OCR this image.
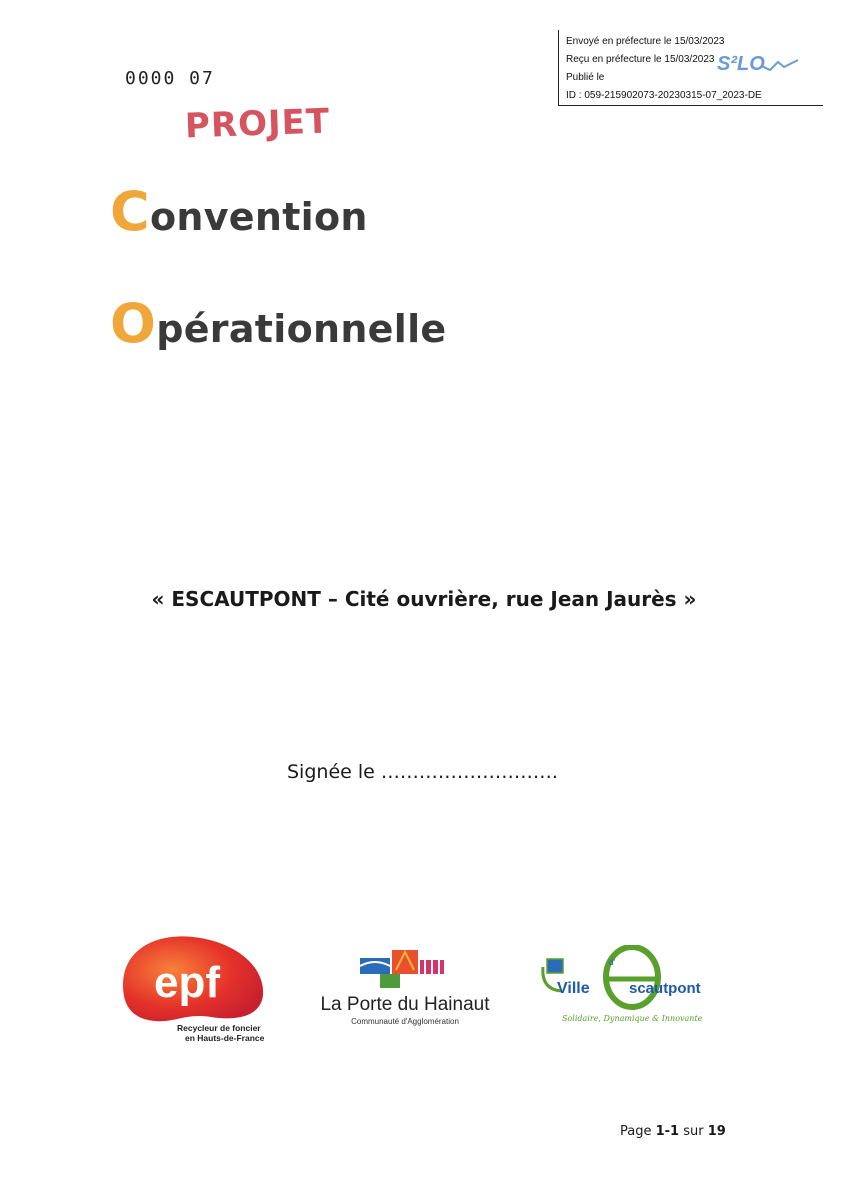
Envoyé en préfecture le 15/03/2023
Reçu en préfecture le 15/03/2023
Publié le
ID : 059-215902073-20230315-07_2023-DE
S²LO
0000 07
PROJET
Convention
Opérationnelle
« ESCAUTPONT – Cité ouvrière, rue Jean Jaurès »
Signée le ……………………….
epf
Recycleur de foncier
en Hauts-de-France
La Porte du Hainaut
Communauté d'Agglomération
Ville
d'
scautpont
Solidaire, Dynamique & Innovante
Page 1-1 sur 19
